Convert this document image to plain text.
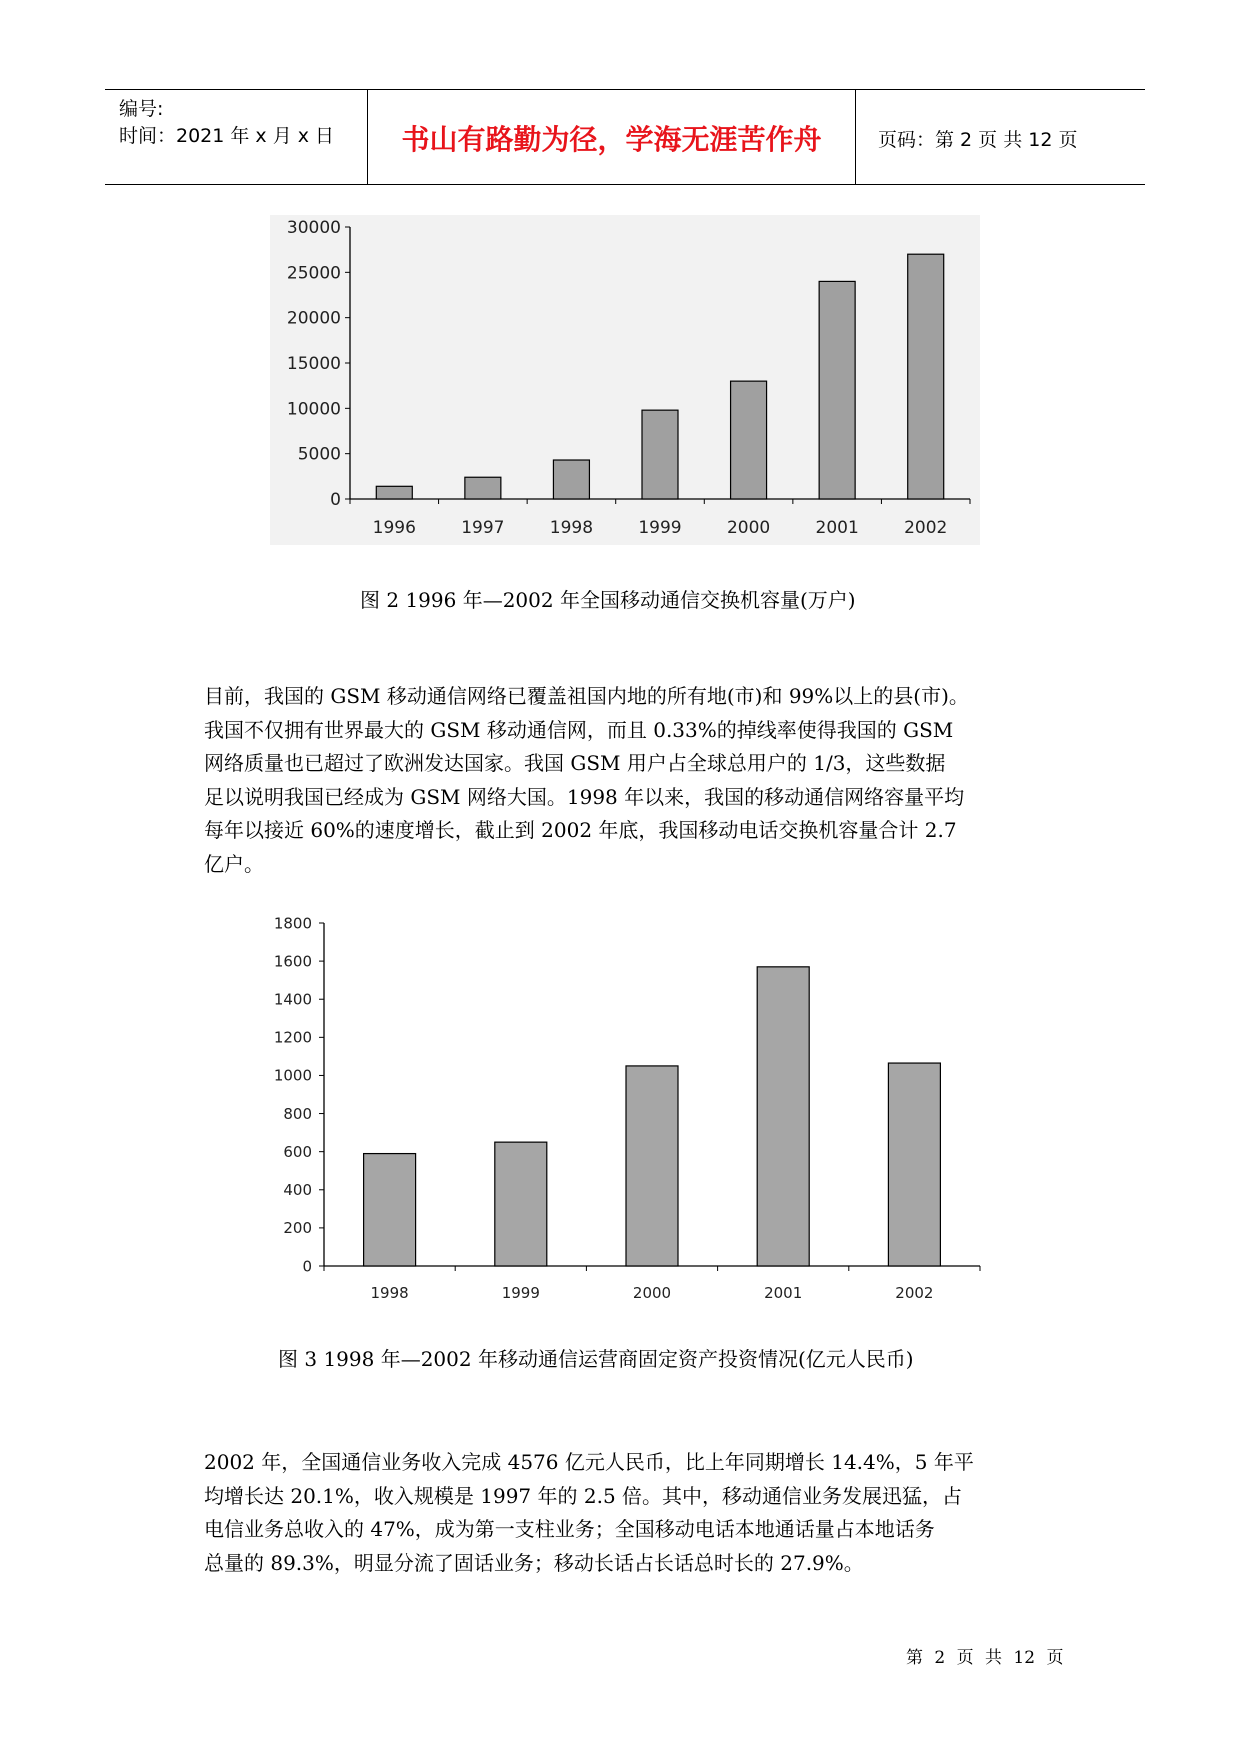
编号:
时间：2021 年 x 月 x 日	书山有路勤为径，学海无涯苦作舟	页码：第 2 页 共 12 页
0
5000
10000
15000
20000
25000
30000
1996	1997	1998	1999	2000	2001	2002
图 2 1996 年—2002 年全国移动通信交换机容量(万户)
目前，我国的 GSM 移动通信网络已覆盖祖国内地的所有地(市)和 99%以上的县(市)。
我国不仅拥有世界最大的 GSM 移动通信网，而且 0.33%的掉线率使得我国的 GSM
网络质量也已超过了欧洲发达国家。我国 GSM 用户占全球总用户的 1/3，这些数据
足以说明我国已经成为 GSM 网络大国。1998 年以来，我国的移动通信网络容量平均
每年以接近 60%的速度增长，截止到 2002 年底，我国移动电话交换机容量合计 2.7
亿户。
0
200
400
600
800
1000
1200
1400
1600
1800
1998	1999	2000	2001	2002
图 3 1998 年—2002 年移动通信运营商固定资产投资情况(亿元人民币)
2002 年，全国通信业务收入完成 4576 亿元人民币，比上年同期增长 14.4%，5 年平
均增长达 20.1%，收入规模是 1997 年的 2.5 倍。其中，移动通信业务发展迅猛，占
电信业务总收入的 47%，成为第一支柱业务；全国移动电话本地通话量占本地话务
总量的 89.3%，明显分流了固话业务；移动长话占长话总时长的 27.9%。
第 2 页 共 12 页
